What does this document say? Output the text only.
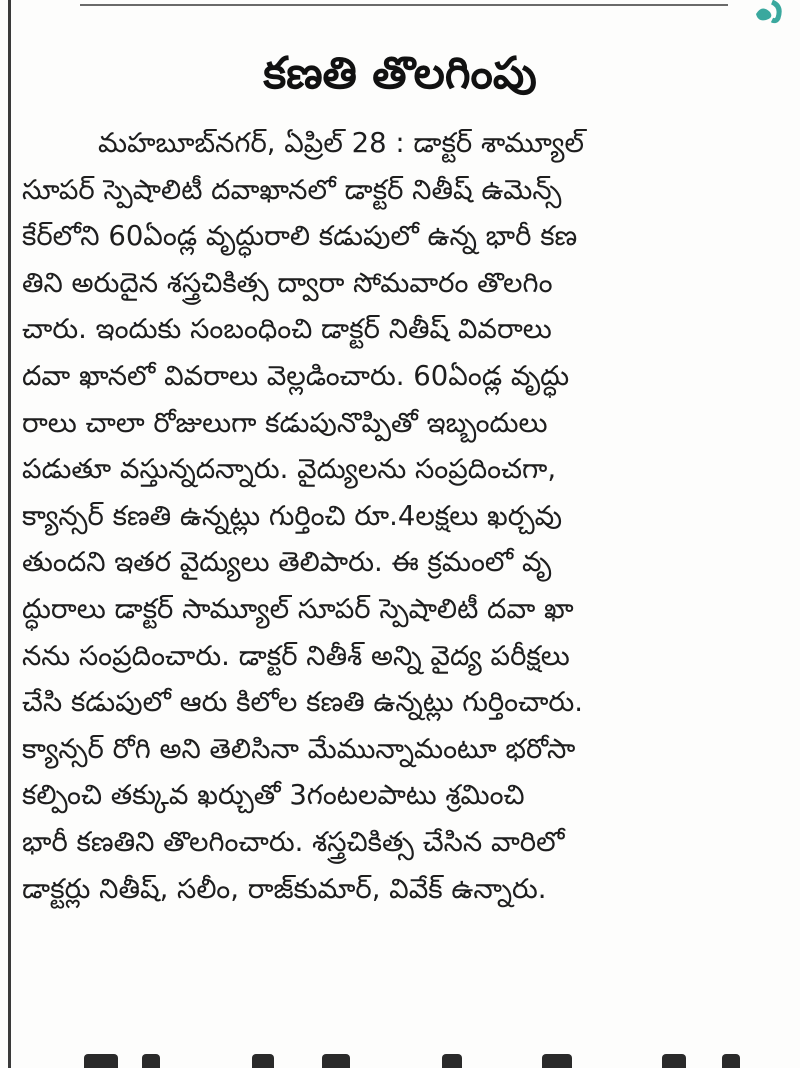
కణతి తొలగింపు
మహబూబ్‌నగర్, ఏప్రిల్ 28 : డాక్టర్ శామ్యూల్
సూపర్ స్పెషాలిటీ దవాఖానలో డాక్టర్ నితీష్ ఉమెన్స్
కేర్‌లోని 60ఏండ్ల వృద్ధురాలి కడుపులో ఉన్న భారీ కణ
తిని అరుదైన శస్త్రచికిత్స ద్వారా సోమవారం తొలగిం
చారు. ఇందుకు సంబంధించి డాక్టర్ నితీష్ వివరాలు
దవా ఖానలో వివరాలు వెల్లడించారు. 60ఏండ్ల వృద్ధు
రాలు చాలా రోజులుగా కడుపునొప్పితో ఇబ్బందులు
పడుతూ వస్తున్నదన్నారు. వైద్యులను సంప్రదించగా,
క్యాన్సర్ కణతి ఉన్నట్లు గుర్తించి రూ.4లక్షలు ఖర్చవు
తుందని ఇతర వైద్యులు తెలిపారు. ఈ క్రమంలో వృ
ద్ధురాలు డాక్టర్ సామ్యూల్ సూపర్ స్పెషాలిటీ దవా ఖా
నను సంప్రదించారు. డాక్టర్ నితీశ్ అన్ని వైద్య పరీక్షలు
చేసి కడుపులో ఆరు కిలోల కణతి ఉన్నట్లు గుర్తించారు.
క్యాన్సర్ రోగి అని తెలిసినా మేమున్నామంటూ భరోసా
కల్పించి తక్కువ ఖర్చుతో 3గంటలపాటు శ్రమించి
భారీ కణతిని తొలగించారు. శస్త్రచికిత్స చేసిన వారిలో
డాక్టర్లు నితీష్, సలీం, రాజ్‌కుమార్, వివేక్ ఉన్నారు.
